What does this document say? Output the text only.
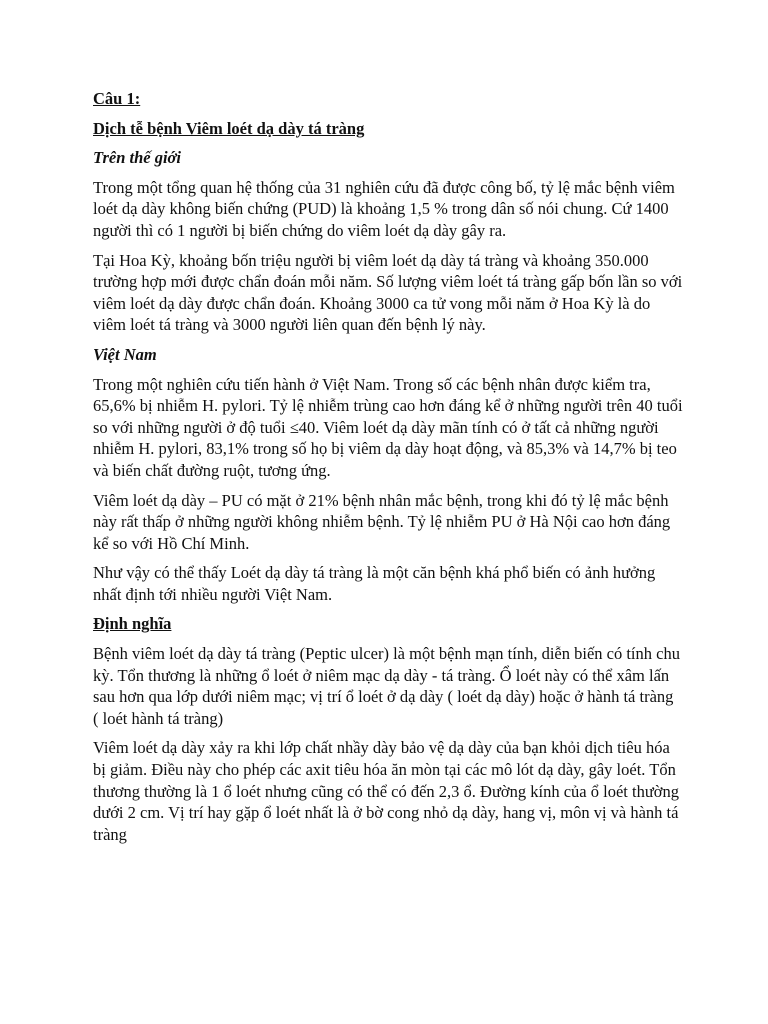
Câu 1:

Dịch tễ bệnh Viêm loét dạ dày tá tràng

Trên thế giới

Trong một tổng quan hệ thống của 31 nghiên cứu đã được công bố, tỷ lệ mắc bệnh viêm loét dạ dày không biến chứng (PUD) là khoảng 1,5 % trong dân số nói chung. Cứ 1400 người thì có 1 người bị biến chứng do viêm loét dạ dày gây ra.

Tại Hoa Kỳ, khoảng bốn triệu người bị viêm loét dạ dày tá tràng và khoảng 350.000 trường hợp mới được chẩn đoán mỗi năm. Số lượng viêm loét tá tràng gấp bốn lần so với viêm loét dạ dày được chẩn đoán. Khoảng 3000 ca tử vong mỗi năm ở Hoa Kỳ là do viêm loét tá tràng và 3000 người liên quan đến bệnh lý này.

Việt Nam

Trong một nghiên cứu tiến hành ở Việt Nam. Trong số các bệnh nhân được kiểm tra, 65,6% bị nhiễm H. pylori. Tỷ lệ nhiễm trùng cao hơn đáng kể ở những người trên 40 tuổi so với những người ở độ tuổi ≤40. Viêm loét dạ dày mãn tính có ở tất cả những người nhiễm H. pylori, 83,1% trong số họ bị viêm dạ dày hoạt động, và 85,3% và 14,7% bị teo và biến chất đường ruột, tương ứng.

Viêm loét dạ dày – PU có mặt ở 21% bệnh nhân mắc bệnh, trong khi đó tỷ lệ mắc bệnh này rất thấp ở những người không nhiễm bệnh. Tỷ lệ nhiễm PU ở Hà Nội cao hơn đáng kể so với Hồ Chí Minh.

Như vậy có thể thấy Loét dạ dày tá tràng là một căn bệnh khá phổ biến có ảnh hưởng nhất định tới nhiều người Việt Nam.

Định nghĩa

Bệnh viêm loét dạ dày tá tràng (Peptic ulcer) là một bệnh mạn tính, diễn biến có tính chu kỳ. Tổn thương là những ổ loét ở niêm mạc dạ dày - tá tràng. Ổ loét này có thể xâm lấn sau hơn qua lớp dưới niêm mạc; vị trí ổ loét ở dạ dày ( loét dạ dày) hoặc ở hành tá tràng ( loét hành tá tràng)

Viêm loét dạ dày xảy ra khi lớp chất nhầy dày bảo vệ dạ dày của bạn khỏi dịch tiêu hóa bị giảm. Điều này cho phép các axit tiêu hóa ăn mòn tại các mô lót dạ dày, gây loét. Tổn thương thường là 1 ổ loét nhưng cũng có thể có đến 2,3 ổ. Đường kính của ổ loét thường dưới 2 cm. Vị trí hay gặp ổ loét nhất là ở bờ cong nhỏ dạ dày, hang vị, môn vị và hành tá tràng
